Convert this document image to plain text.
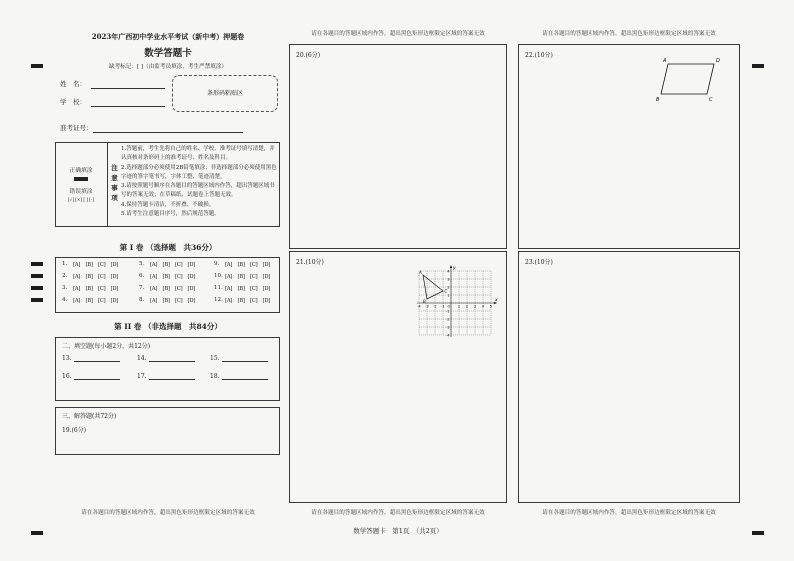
2023年广西初中学业水平考试（新中考）押题卷
数学答题卡
缺考标记：[ ]（由监考员填涂，考生严禁填涂）
姓　名：
学　校：
准考证号：
条形码粘贴区
正确填涂
错误填涂
[√] [×] [ ] [-]
注
意
事
项

1.答题前，考生先将自己的姓名、学校、准考证号填写清楚，并认真核对条形码上的准考证号、姓名及科目。

2.选择题部分必须使用2B铅笔填涂；非选择题部分必须使用黑色字迹的签字笔书写，字体工整、笔迹清楚。

3.请按照题号顺序在各题目的答题区域内作答，超出答题区域书写的答案无效；在草稿纸、试题卷上答题无效。

4.保持答题卡清洁，不折叠、不破损。

5.请考生注意题目序号，然后规范答题。

第 I 卷 （选择题　共36分）
1. [A] [B] [C] [D]
2. [A] [B] [C] [D]
3. [A] [B] [C] [D]
4. [A] [B] [C] [D]
5. [A] [B] [C] [D]
6. [A] [B] [C] [D]
7. [A] [B] [C] [D]
8. [A] [B] [C] [D]
9. [A] [B] [C] [D]
10. [A] [B] [C] [D]
11. [A] [B] [C] [D]
12. [A] [B] [C] [D]
第 II 卷 （非选择题　共84分）
二、填空题(每小题2分，共12分)
13.	14.	15.
16.	17.	18.
三、解答题(共72分)
19.(6分)
请在各题目的答题区域内作答，超出黑色矩形边框限定区域的答案无效
请在各题目的答题区域内作答，超出黑色矩形边框限定区域的答案无效
20.(6分)
21.(10分)
x
y
O
-4 -3 -2 -1	1 2 3 4 5
4
3
2
1
-1
-2
-3
-4
A
B
C
请在各题目的答题区域内作答，超出黑色矩形边框限定区域的答案无效
请在各题目的答题区域内作答，超出黑色矩形边框限定区域的答案无效
22.(10分)
A
B	C
D
23.(10分)
请在各题目的答题区域内作答，超出黑色矩形边框限定区域的答案无效
数学答题卡　第1页　（共2页）
